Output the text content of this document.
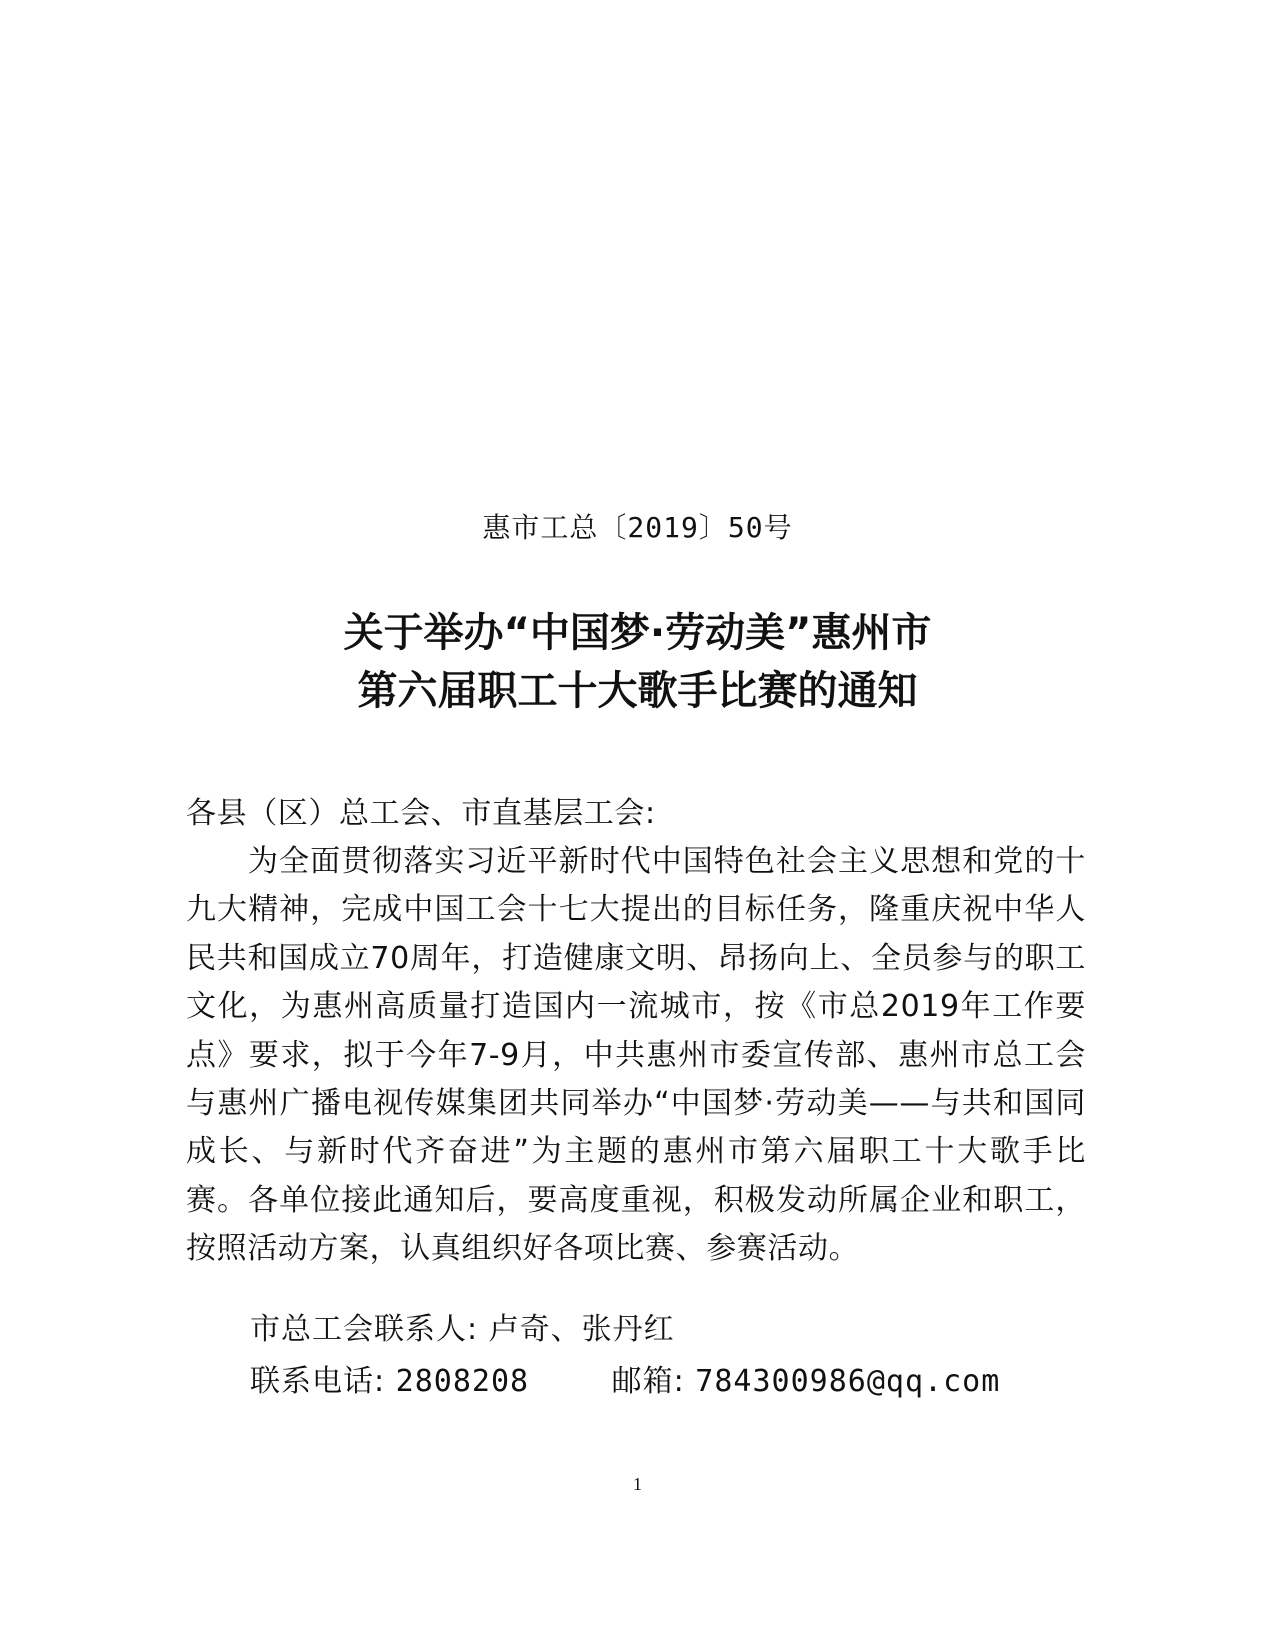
惠市工总〔2019〕50号
关于举办“中国梦·劳动美”惠州市
第六届职工十大歌手比赛的通知
各县（区）总工会、市直基层工会:
为全面贯彻落实习近平新时代中国特色社会主义思想和党的十九大精神，完成中国工会十七大提出的目标任务，隆重庆祝中华人民共和国成立70周年，打造健康文明、昂扬向上、全员参与的职工文化，为惠州高质量打造国内一流城市，按《市总2019年工作要点》要求，拟于今年7-9月，中共惠州市委宣传部、惠州市总工会与惠州广播电视传媒集团共同举办“中国梦·劳动美——与共和国同成长、与新时代齐奋进”为主题的惠州市第六届职工十大歌手比赛。各单位接此通知后，要高度重视，积极发动所属企业和职工，按照活动方案，认真组织好各项比赛、参赛活动。
市总工会联系人: 卢奇、张丹红
联系电话: 2808208	邮箱: 784300986@qq.com
1
